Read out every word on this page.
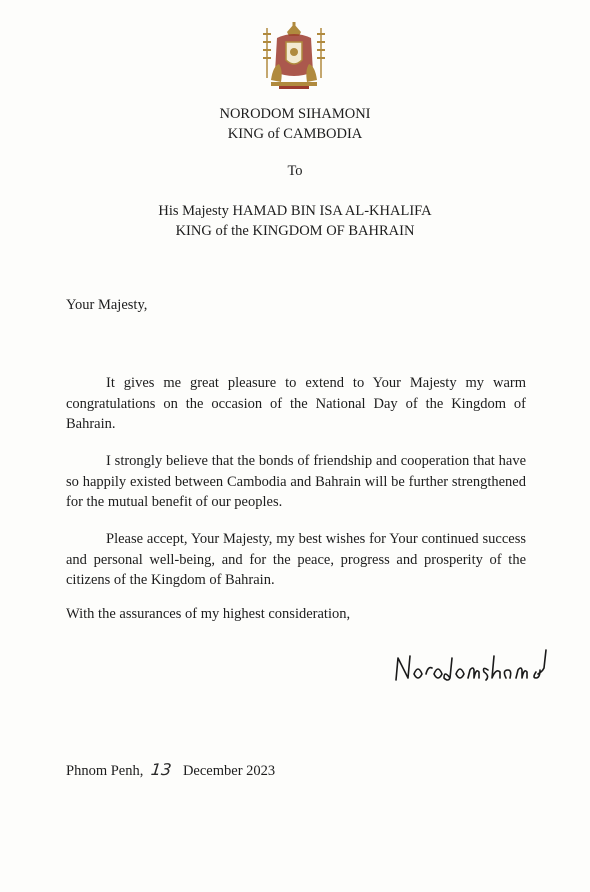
NORODOM SIHAMONI
KING of CAMBODIA
To
His Majesty HAMAD BIN ISA AL-KHALIFA
KING of the KINGDOM OF BAHRAIN
Your Majesty,

It gives me great pleasure to extend to Your Majesty my warm congratulations on the occasion of the National Day of the Kingdom of Bahrain.

I strongly believe that the bonds of friendship and cooperation that have so happily existed between Cambodia and Bahrain will be further strengthened for the mutual benefit of our peoples.

Please accept, Your Majesty, my best wishes for Your continued success and personal well-being, and for the peace, progress and prosperity of the citizens of the Kingdom of Bahrain.

With the assurances of my highest consideration,
Phnom Penh, 13 December 2023
